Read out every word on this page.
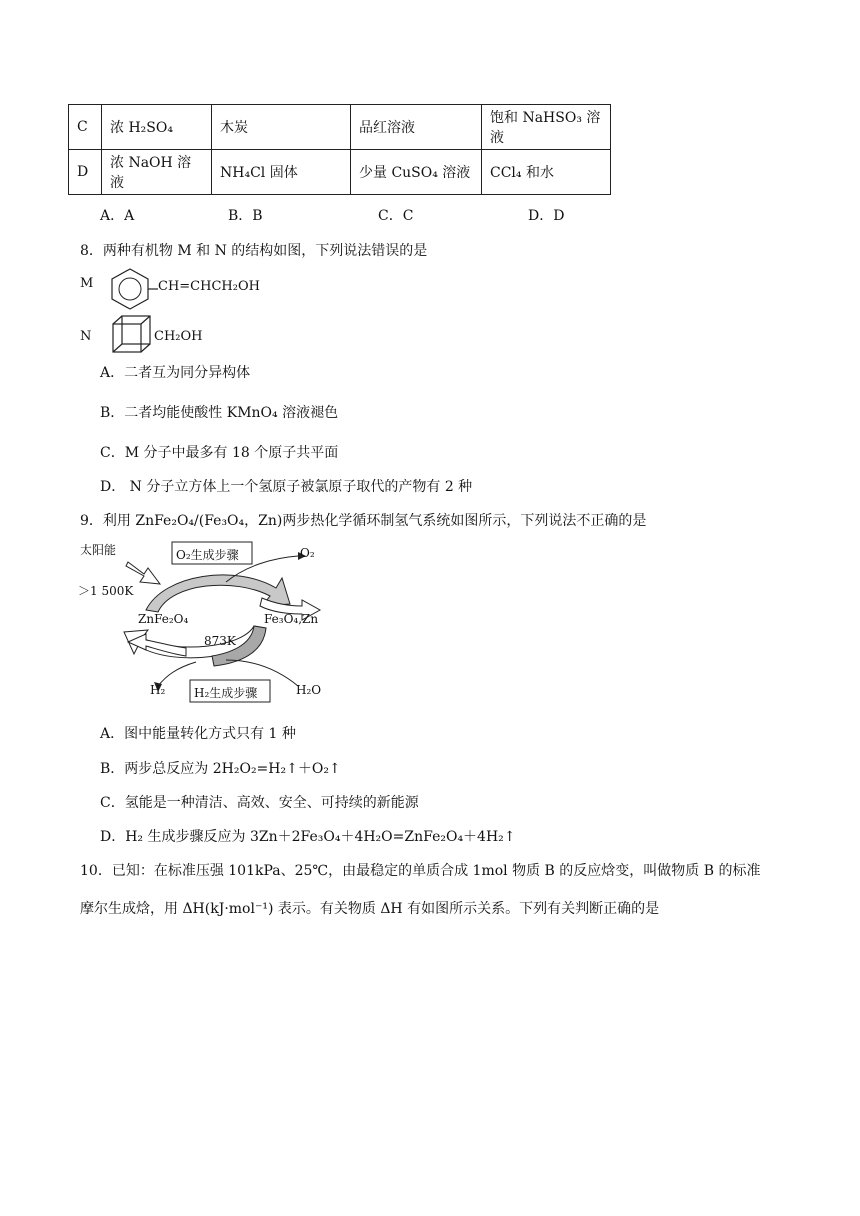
C	浓 H₂SO₄	木炭	品红溶液	饱和 NaHSO₃ 溶液
D	浓 NaOH 溶液	NH₄Cl 固体	少量 CuSO₄ 溶液	CCl₄ 和水
A．A	B．B	C．C	D．D
8．两种有机物 M 和 N 的结构如图，下列说法错误的是
M	CH=CHCH₂OH
N	CH₂OH
A．二者互为同分异构体
B．二者均能使酸性 KMnO₄ 溶液褪色
C．M 分子中最多有 18 个原子共平面
D． N 分子立方体上一个氢原子被氯原子取代的产物有 2 种
9．利用 ZnFe₂O₄/(Fe₃O₄，Zn)两步热化学循环制氢气系统如图所示，下列说法不正确的是
太阳能
＞1 500K
O₂生成步骤	O₂
ZnFe₂O₄	Fe₃O₄,Zn
873K
H₂ H₂生成步骤	H₂O
A．图中能量转化方式只有 1 种
B．两步总反应为 2H₂O₂=H₂↑＋O₂↑
C．氢能是一种清洁、高效、安全、可持续的新能源
D．H₂ 生成步骤反应为 3Zn＋2Fe₃O₄＋4H₂O=ZnFe₂O₄＋4H₂↑
10．已知：在标准压强 101kPa、25℃，由最稳定的单质合成 1mol 物质 B 的反应焓变，叫做物质 B 的标准
摩尔生成焓，用 ΔH(kJ·mol⁻¹) 表示。有关物质 ΔH 有如图所示关系。下列有关判断正确的是
